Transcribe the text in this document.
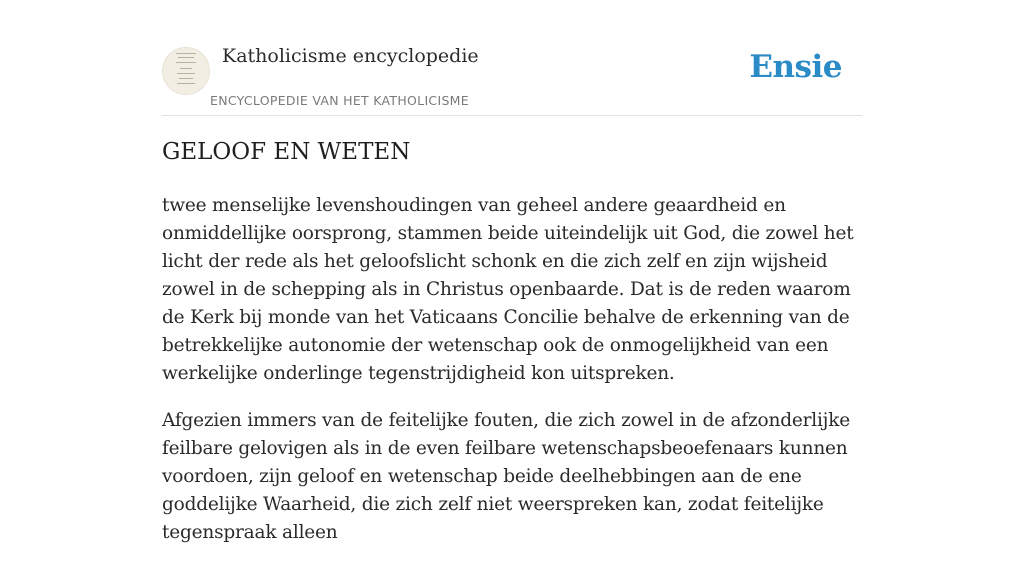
Katholicisme encyclopedie
ENCYCLOPEDIE VAN HET KATHOLICISME
Ensie
GELOOF EN WETEN

twee menselijke levenshoudingen van geheel andere geaardheid en onmiddellijke oorsprong, stammen beide uiteindelijk uit God, die zowel het licht der rede als het geloofslicht schonk en die zich zelf en zijn wijsheid zowel in de schepping als in Christus openbaarde. Dat is de reden waarom de Kerk bij monde van het Vaticaans Concilie behalve de erkenning van de betrekkelijke autonomie der wetenschap ook de onmogelijkheid van een werkelijke onderlinge tegenstrijdigheid kon uitspreken.

Afgezien immers van de feitelijke fouten, die zich zowel in de afzonderlijke feilbare gelovigen als in de even feilbare wetenschapsbeoefenaars kunnen voordoen, zijn geloof en wetenschap beide deelhebbingen aan de ene goddelijke Waarheid, die zich zelf niet weerspreken kan, zodat feitelijke tegenspraak alleen
